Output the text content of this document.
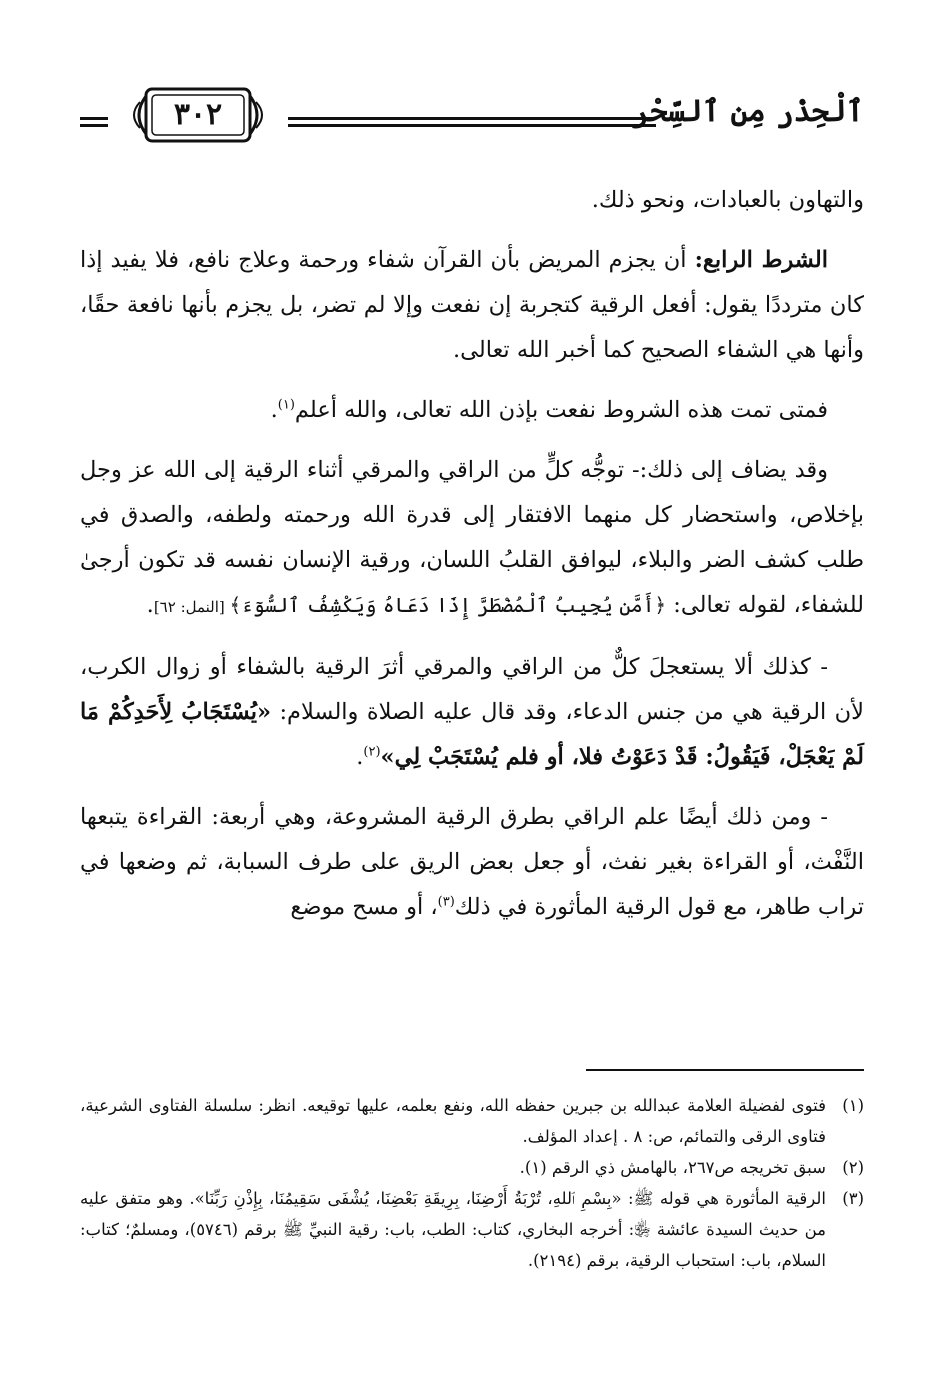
ٱلْحِذْر مِن ٱلسِّحْر
٣٠٢

والتهاون بالعبادات، ونحو ذلك.

الشرط الرابع: أن يجزم المريض بأن القرآن شفاء ورحمة وعلاج نافع، فلا يفيد إذا كان مترددًا يقول: أفعل الرقية كتجربة إن نفعت وإلا لم تضر، بل يجزم بأنها نافعة حقًا، وأنها هي الشفاء الصحيح كما أخبر الله تعالى.

فمتى تمت هذه الشروط نفعت بإذن الله تعالى، والله أعلم$^{(١)}$.

وقد يضاف إلى ذلك:- توجُّه كلٍّ من الراقي والمرقي أثناء الرقية إلى الله عز وجل بإخلاص، واستحضار كل منهما الافتقار إلى قدرة الله ورحمته ولطفه، والصدق في طلب كشف الضر والبلاء، ليوافق القلبُ اللسان، ورقية الإنسان نفسه قد تكون أرجىٰ للشفاء، لقوله تعالى: ﴿أَمَّن يُجِيبُ ٱلْمُضْطَرَّ إِذَا دَعَاهُ وَيَكْشِفُ ٱلسُّوٓءَ﴾ [النمل: ٦٢].

- كذلك ألا يستعجلَ كلٌّ من الراقي والمرقي أثرَ الرقية بالشفاء أو زوال الكرب، لأن الرقية هي من جنس الدعاء، وقد قال عليه الصلاة والسلام: «يُسْتَجَابُ لِأَحَدِكُمْ مَا لَمْ يَعْجَلْ، فَيَقُولُ: قَدْ دَعَوْتُ فلا، أو فلم يُسْتَجَبْ لِي»$^{(٢)}$.

- ومن ذلك أيضًا علم الراقي بطرق الرقية المشروعة، وهي أربعة: القراءة يتبعها النَّفْث، أو القراءة بغير نفث، أو جعل بعض الريق على طرف السبابة، ثم وضعها في تراب طاهر، مع قول الرقية المأثورة في ذلك$^{(٣)}$، أو مسح موضع

(١)
فتوى لفضيلة العلامة عبدالله بن جبرين حفظه الله، ونفع بعلمه، عليها توقيعه. انظر: سلسلة الفتاوى الشرعية، فتاوى الرقى والتمائم، ص: ٨ . إعداد المؤلف.
(٢)
سبق تخريجه ص٢٦٧، بالهامش ذي الرقم (١).
(٣)
الرقية المأثورة هي قوله ﷺ: «بِسْمِ ٱللهِ، تُرْبَةُ أَرْضِنَا، بِرِيقَةِ بَعْضِنَا، يُشْفَى سَقِيمُنَا، بِإِذْنِ رَبِّنَا». وهو متفق عليه من حديث السيدة عائشة ﵂: أخرجه البخاري، كتاب: الطب، باب: رقية النبيِّ ﷺ برقم (٥٧٤٦)، ومسلمٌ؛ كتاب: السلام، باب: استحباب الرقية، برقم (٢١٩٤).
